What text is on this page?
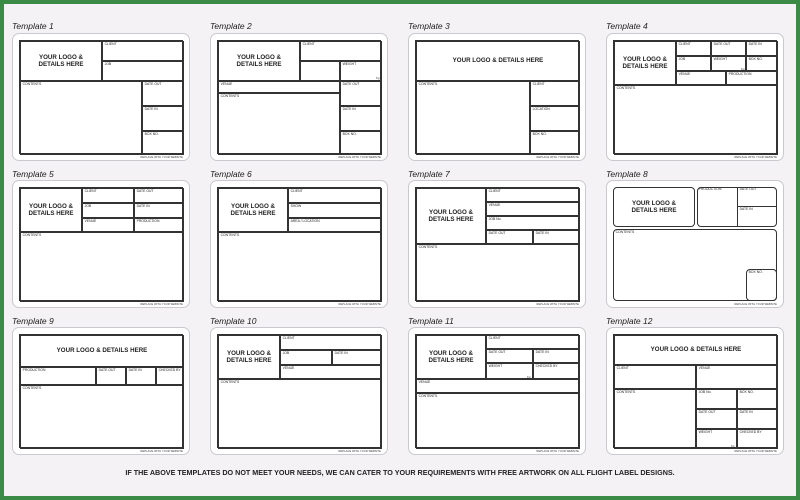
Template 1
YOUR LOGO &
DETAILS HERE
CLIENT
JOB
CONTENTS	DATE OUT
DATE IN
BOX NO.
REPLACE WITH YOUR WEBSITE
Template 2
YOUR LOGO &
DETAILS HERE
CLIENT
WEIGHT
Kg
VENUE
CONTENTS
DATE OUT
DATE IN
BOX NO.
REPLACE WITH YOUR WEBSITE
Template 3
YOUR LOGO & DETAILS HERE
CONTENTS	CLIENT
LOCATION
BOX NO.
REPLACE WITH YOUR WEBSITE
Template 4
YOUR LOGO &
DETAILS HERE
CLIENT	DATE OUT	DATE IN
JOB	WEIGHT
Kg
BOX NO.
VENUE	PRODUCTION
CONTENTS
REPLACE WITH YOUR WEBSITE
Template 5
YOUR LOGO &
DETAILS HERE
CLIENT	DATE OUT
JOB	DATE IN
VENUE	PRODUCTION
CONTENTS
REPLACE WITH YOUR WEBSITE
Template 6
YOUR LOGO &
DETAILS HERE
CLIENT
SHOW
AREA / LOCATION
CONTENTS
REPLACE WITH YOUR WEBSITE
Template 7
YOUR LOGO &
DETAILS HERE
CLIENT
VENUE
JOB No.
DATE OUT	DATE IN
CONTENTS
REPLACE WITH YOUR WEBSITE
Template 8
YOUR LOGO &
DETAILS HERE
PRODUCTION	DATE OUT
DATE IN
CONTENTS
BOX NO.
REPLACE WITH YOUR WEBSITE
Template 9
YOUR LOGO & DETAILS HERE
PRODUCTION	DATE OUT	DATE IN	CHECKED BY
CONTENTS
REPLACE WITH YOUR WEBSITE
Template 10
YOUR LOGO &
DETAILS HERE
CLIENT
JOB	DATE IN
VENUE
CONTENTS
REPLACE WITH YOUR WEBSITE
Template 11
YOUR LOGO &
DETAILS HERE
CLIENT
DATE OUT	DATE IN
WEIGHT
Kg
CHECKED BY
VENUE
CONTENTS
REPLACE WITH YOUR WEBSITE
Template 12
YOUR LOGO & DETAILS HERE
CLIENT	VENUE
CONTENTS	JOB No.	BOX NO.
DATE OUT	DATE IN
WEIGHT
Kg
CHECKED BY
REPLACE WITH YOUR WEBSITE
IF THE ABOVE TEMPLATES DO NOT MEET YOUR NEEDS, WE CAN CATER TO YOUR REQUIREMENTS WITH FREE ARTWORK ON ALL FLIGHT LABEL DESIGNS.
